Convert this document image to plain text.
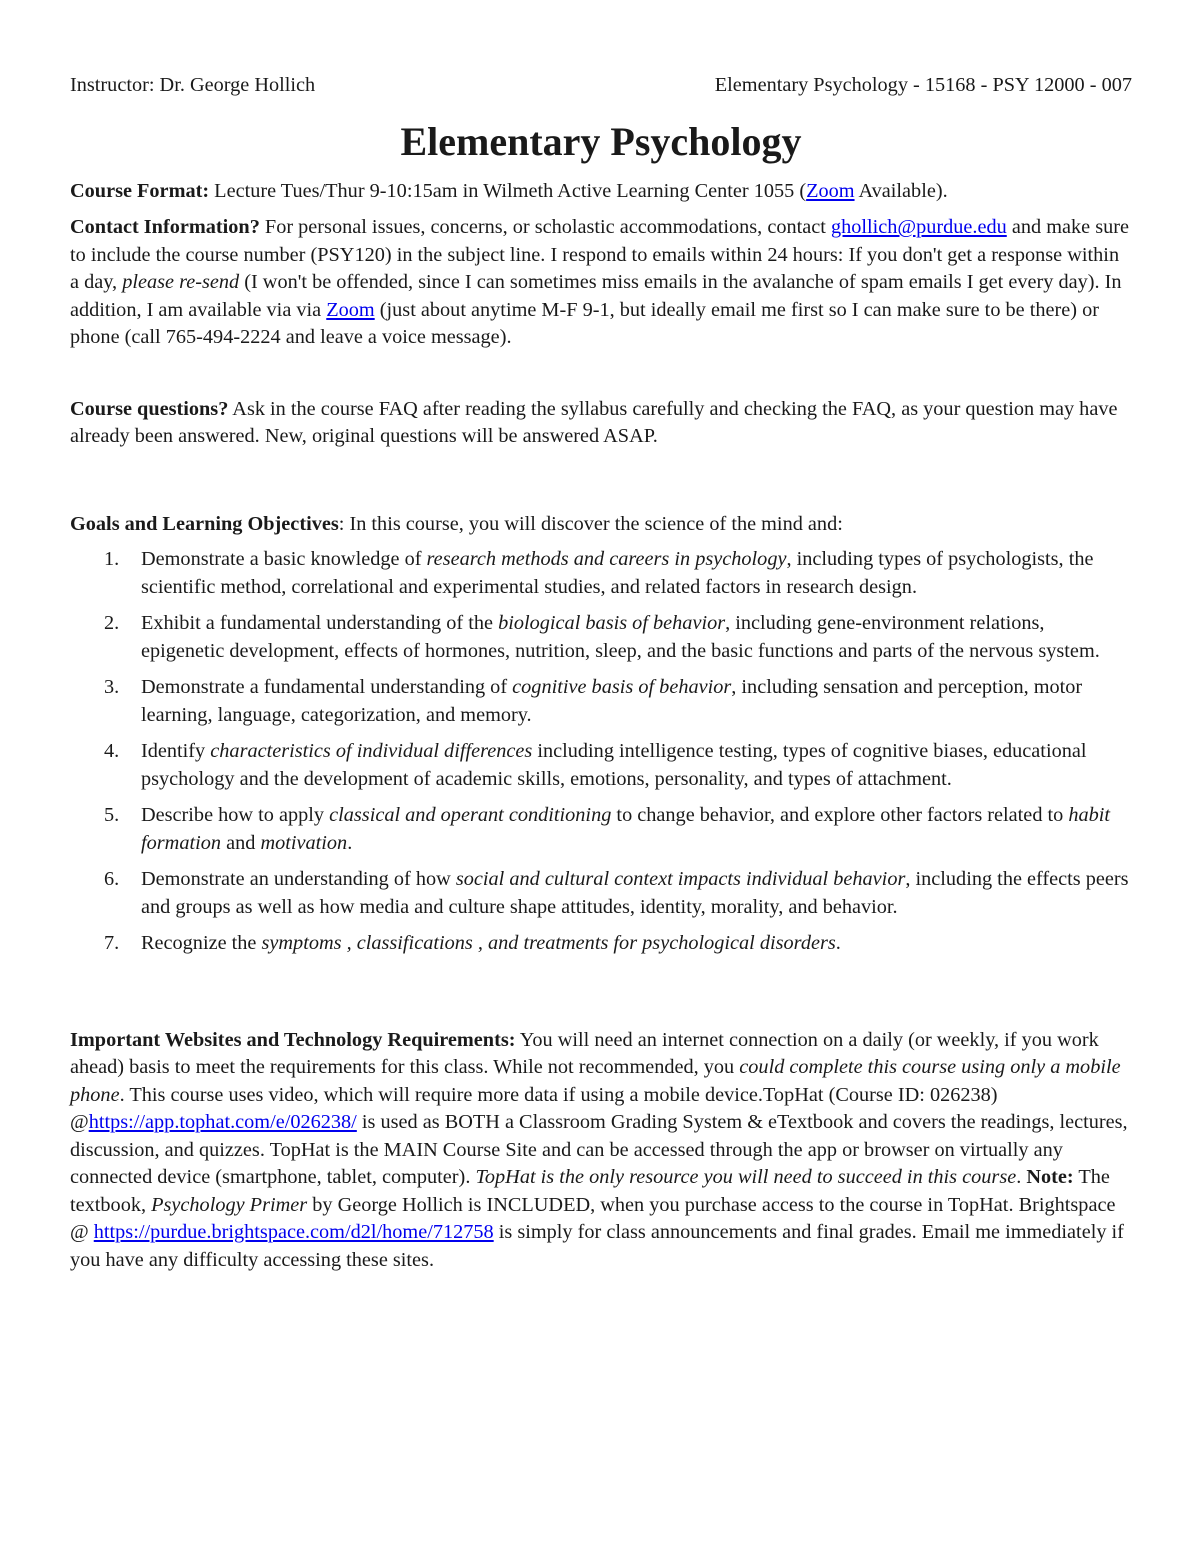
Instructor: Dr. George Hollich	Elementary Psychology - 15168 - PSY 12000 - 007
Elementary Psychology

Course Format: Lecture Tues/Thur 9-10:15am in Wilmeth Active Learning Center 1055 (Zoom Available).

Contact Information? For personal issues, concerns, or scholastic accommodations, contact ghollich@purdue.edu and make sure to include the course number (PSY120) in the subject line. I respond to emails within 24 hours: If you don't get a response within a day, please re-send (I won't be offended, since I can sometimes miss emails in the avalanche of spam emails I get every day). In addition, I am available via via Zoom (just about anytime M-F 9-1, but ideally email me first so I can make sure to be there) or phone (call 765-494-2224 and leave a voice message).

Course questions? Ask in the course FAQ after reading the syllabus carefully and checking the FAQ, as your question may have already been answered. New, original questions will be answered ASAP.

Goals and Learning Objectives: In this course, you will discover the science of the mind and:

1. Demonstrate a basic knowledge of research methods and careers in psychology, including types of psychologists, the scientific method, correlational and experimental studies, and related factors in research design.
2. Exhibit a fundamental understanding of the biological basis of behavior, including gene-environment relations, epigenetic development, effects of hormones, nutrition, sleep, and the basic functions and parts of the nervous system.
3. Demonstrate a fundamental understanding of cognitive basis of behavior, including sensation and perception, motor learning, language, categorization, and memory.
4. Identify characteristics of individual differences including intelligence testing, types of cognitive biases, educational psychology and the development of academic skills, emotions, personality, and types of attachment.
5. Describe how to apply classical and operant conditioning to change behavior, and explore other factors related to habit formation and motivation.
6. Demonstrate an understanding of how social and cultural context impacts individual behavior, including the effects peers and groups as well as how media and culture shape attitudes, identity, morality, and behavior.
7. Recognize the symptoms , classifications , and treatments for psychological disorders.

Important Websites and Technology Requirements: You will need an internet connection on a daily (or weekly, if you work ahead) basis to meet the requirements for this class. While not recommended, you could complete this course using only a mobile phone. This course uses video, which will require more data if using a mobile device.TopHat (Course ID: 026238) @https://app.tophat.com/e/026238/ is used as BOTH a Classroom Grading System & eTextbook and covers the readings, lectures, discussion, and quizzes. TopHat is the MAIN Course Site and can be accessed through the app or browser on virtually any connected device (smartphone, tablet, computer). TopHat is the only resource you will need to succeed in this course. Note: The textbook, Psychology Primer by George Hollich is INCLUDED, when you purchase access to the course in TopHat. Brightspace @ https://purdue.brightspace.com/d2l/home/712758 is simply for class announcements and final grades. Email me immediately if you have any difficulty accessing these sites.
